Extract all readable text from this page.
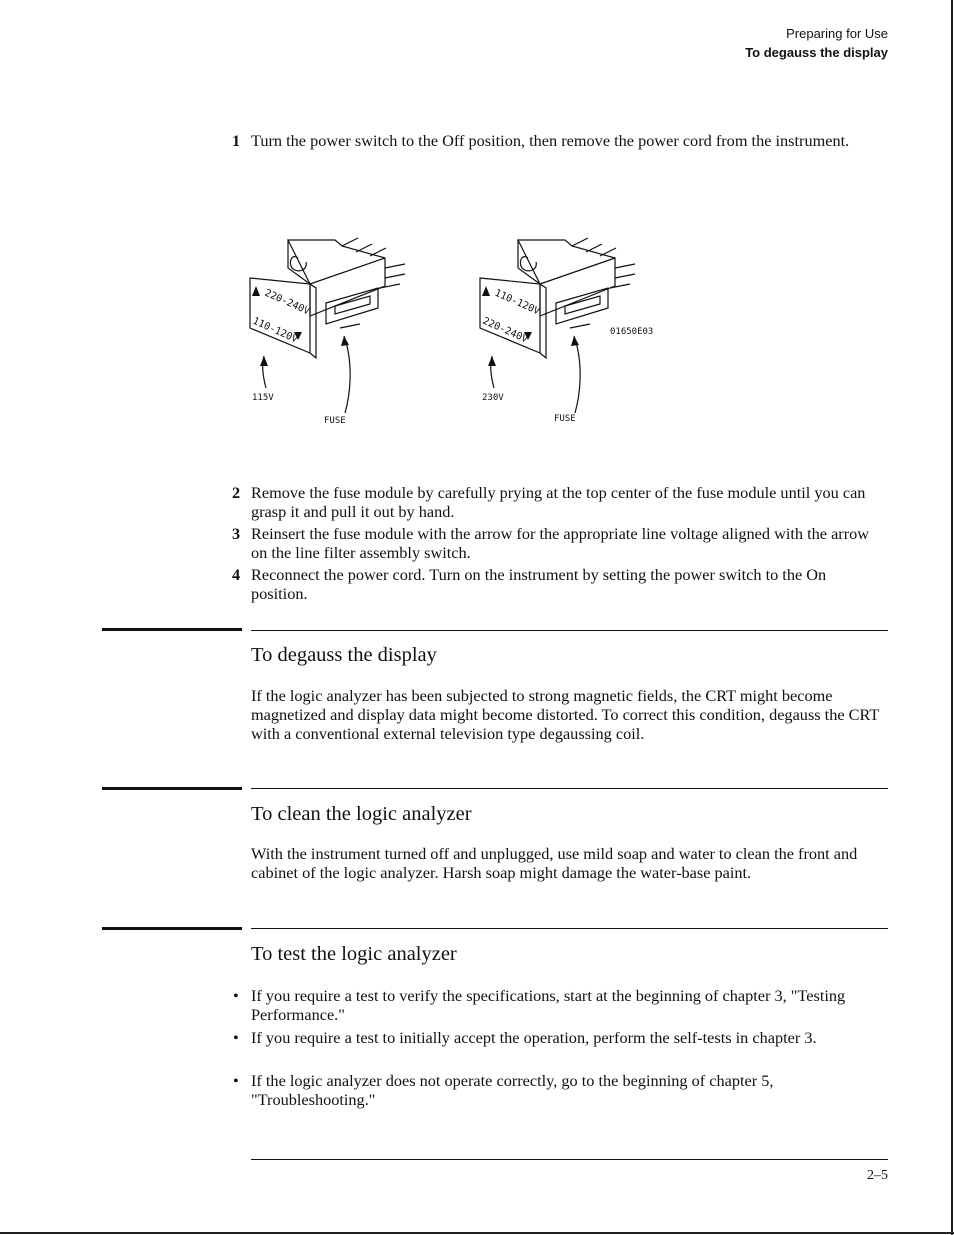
Preparing for Use
To degauss the display
1 Turn the power switch to the Off position, then remove the power cord from the instrument.
220-240V
110-120V
110-120V
220-240V
115V
FUSE
230V
FUSE
01650E03
2 Remove the fuse module by carefully prying at the top center of the fuse module until you can grasp it and pull it out by hand.
3 Reinsert the fuse module with the arrow for the appropriate line voltage aligned with the arrow on the line filter assembly switch.
4 Reconnect the power cord. Turn on the instrument by setting the power switch to the On position.
To degauss the display
If the logic analyzer has been subjected to strong magnetic fields, the CRT might become magnetized and display data might become distorted. To correct this condition, degauss the CRT with a conventional external television type degaussing coil.
To clean the logic analyzer
With the instrument turned off and unplugged, use mild soap and water to clean the front and cabinet of the logic analyzer. Harsh soap might damage the water-base paint.
To test the logic analyzer
• If you require a test to verify the specifications, start at the beginning of chapter 3, "Testing Performance."
• If you require a test to initially accept the operation, perform the self-tests in chapter 3.
• If the logic analyzer does not operate correctly, go to the beginning of chapter 5, "Troubleshooting."
2–5
